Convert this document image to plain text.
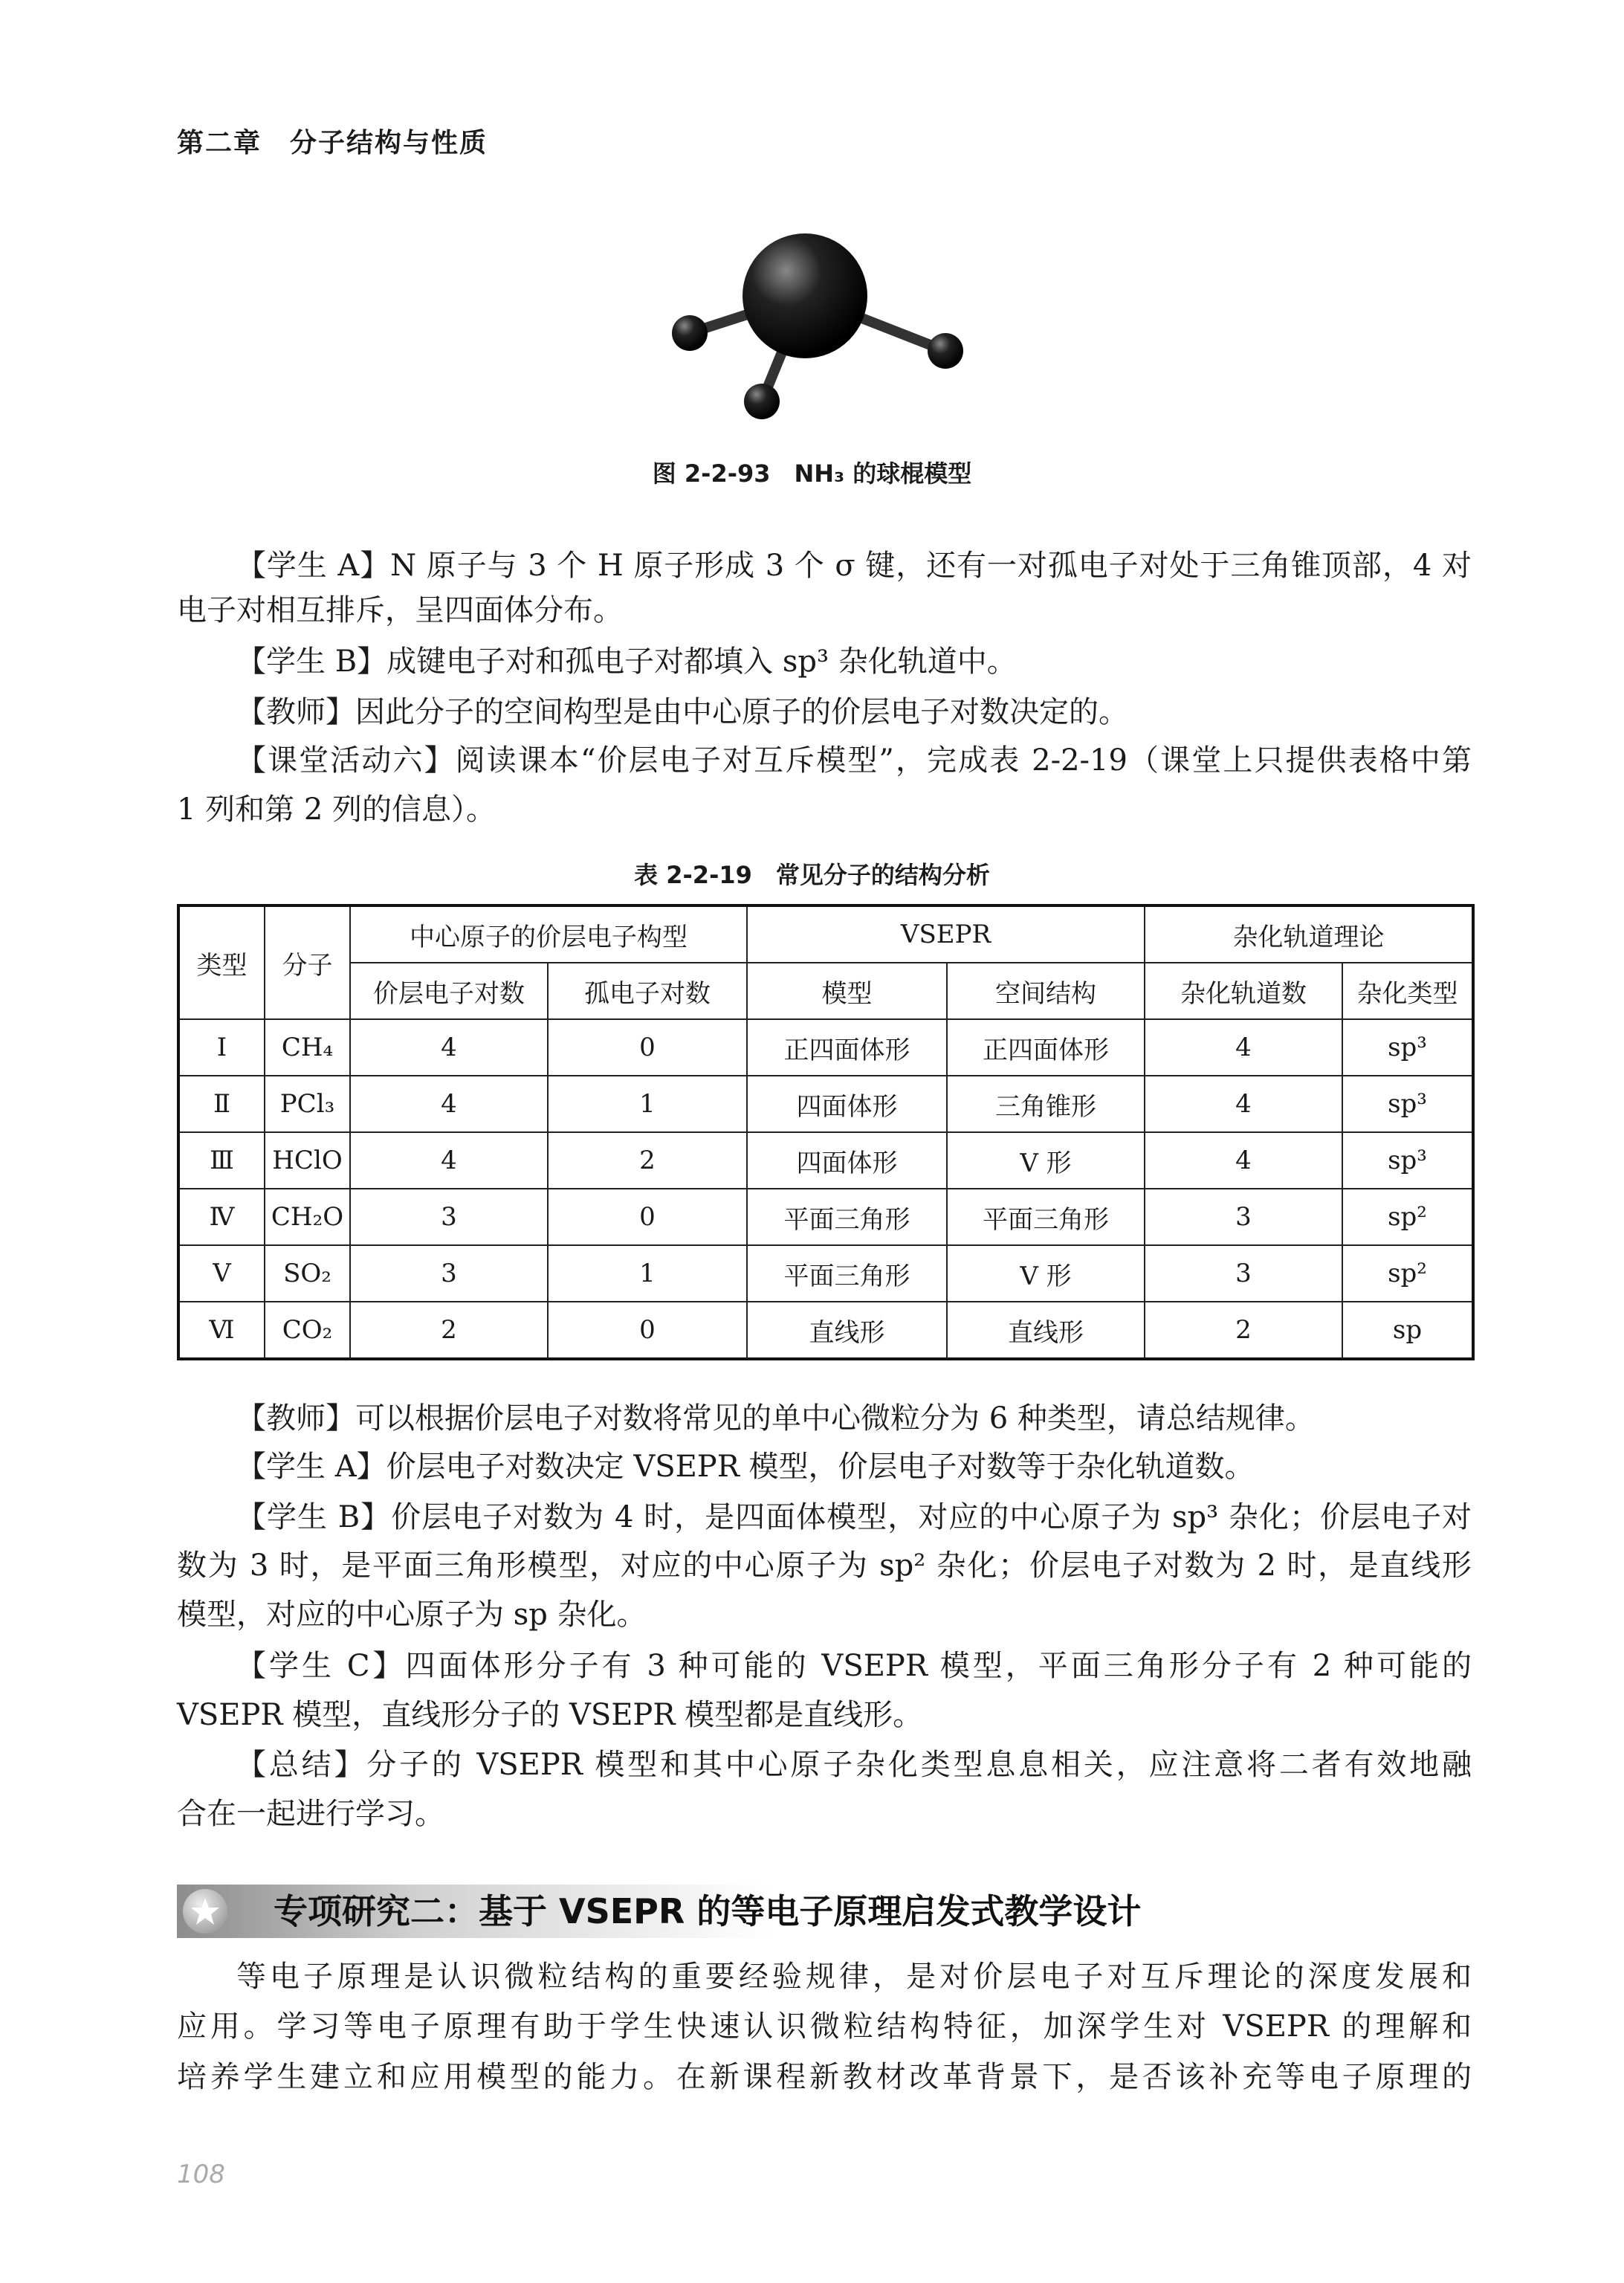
第二章　分子结构与性质
图 2-2-93　NH₃ 的球棍模型
【学生 A】N 原子与 3 个 H 原子形成 3 个 σ 键，还有一对孤电子对处于三角锥顶部，4 对
电子对相互排斥，呈四面体分布。
【学生 B】成键电子对和孤电子对都填入 sp³ 杂化轨道中。
【教师】因此分子的空间构型是由中心原子的价层电子对数决定的。
【课堂活动六】阅读课本“价层电子对互斥模型”，完成表 2-2-19（课堂上只提供表格中第
1 列和第 2 列的信息）。
表 2-2-19　常见分子的结构分析
类型	分子	中心原子的价层电子构型		VSEPR		杂化轨道理论	
		价层电子对数	孤电子对数	模型	空间结构	杂化轨道数	杂化类型
Ⅰ	CH₄	4	0	正四面体形	正四面体形	4	sp³
Ⅱ	PCl₃	4	1	四面体形	三角锥形	4	sp³
Ⅲ	HClO	4	2	四面体形	V 形	4	sp³
Ⅳ	CH₂O	3	0	平面三角形	平面三角形	3	sp²
Ⅴ	SO₂	3	1	平面三角形	V 形	3	sp²
Ⅵ	CO₂	2	0	直线形	直线形	2	sp
【教师】可以根据价层电子对数将常见的单中心微粒分为 6 种类型，请总结规律。
【学生 A】价层电子对数决定 VSEPR 模型，价层电子对数等于杂化轨道数。
【学生 B】价层电子对数为 4 时，是四面体模型，对应的中心原子为 sp³ 杂化；价层电子对
数为 3 时，是平面三角形模型，对应的中心原子为 sp² 杂化；价层电子对数为 2 时，是直线形
模型，对应的中心原子为 sp 杂化。
【学生 C】四面体形分子有 3 种可能的 VSEPR 模型，平面三角形分子有 2 种可能的
VSEPR 模型，直线形分子的 VSEPR 模型都是直线形。
【总结】分子的 VSEPR 模型和其中心原子杂化类型息息相关，应注意将二者有效地融
合在一起进行学习。
专项研究二：基于 VSEPR 的等电子原理启发式教学设计
等电子原理是认识微粒结构的重要经验规律，是对价层电子对互斥理论的深度发展和
应用。学习等电子原理有助于学生快速认识微粒结构特征，加深学生对 VSEPR 的理解和
培养学生建立和应用模型的能力。在新课程新教材改革背景下，是否该补充等电子原理的
108
